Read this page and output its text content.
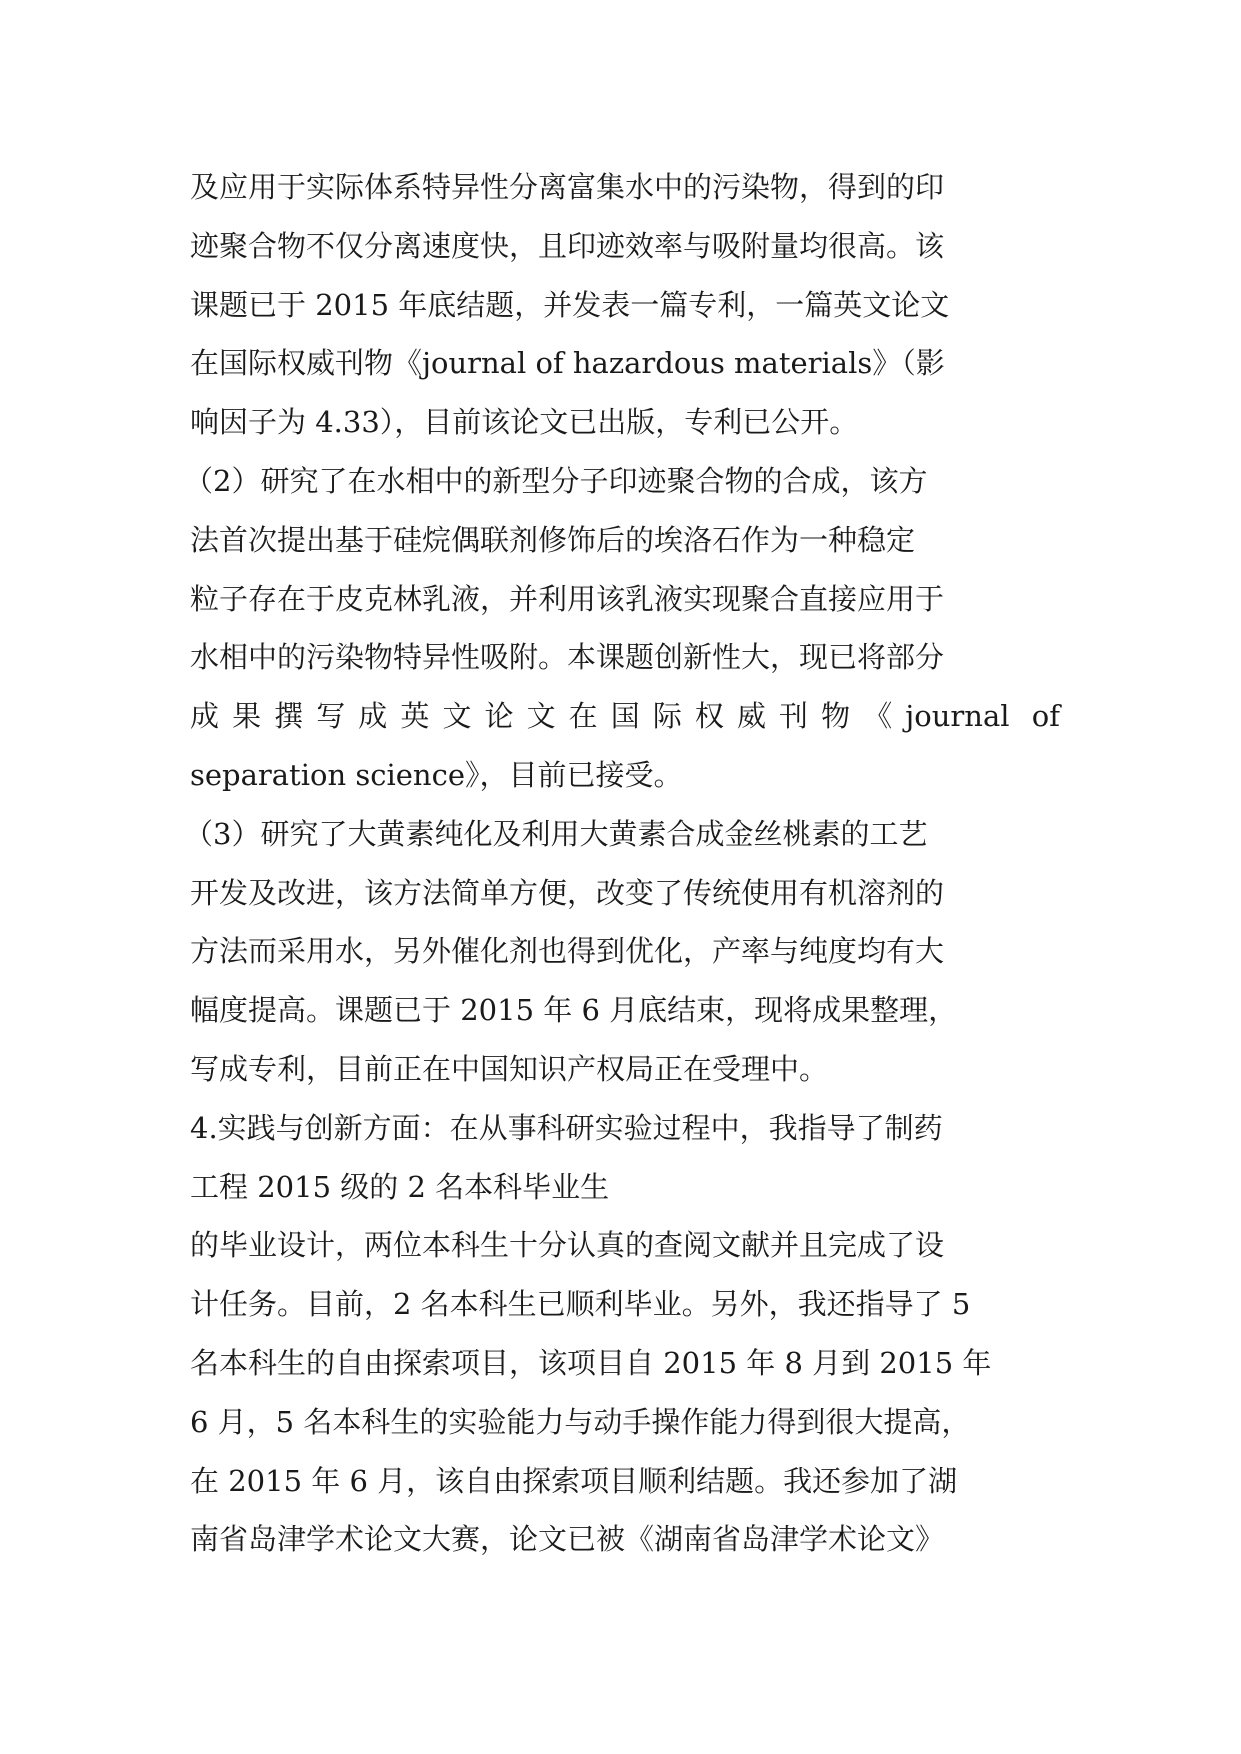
及应用于实际体系特异性分离富集水中的污染物，得到的印
迹聚合物不仅分离速度快，且印迹效率与吸附量均很高。该
课题已于 2015 年底结题，并发表一篇专利，一篇英文论文
在国际权威刊物《journal of hazardous materials》（影
响因子为 4.33），目前该论文已出版，专利已公开。
（2）研究了在水相中的新型分子印迹聚合物的合成，该方
法首次提出基于硅烷偶联剂修饰后的埃洛石作为一种稳定
粒子存在于皮克林乳液，并利用该乳液实现聚合直接应用于
水相中的污染物特异性吸附。本课题创新性大，现已将部分
成果撰写成英文论文在国际权威刊物《journal of
separation science》，目前已接受。
（3）研究了大黄素纯化及利用大黄素合成金丝桃素的工艺
开发及改进，该方法简单方便，改变了传统使用有机溶剂的
方法而采用水，另外催化剂也得到优化，产率与纯度均有大
幅度提高。课题已于 2015 年 6 月底结束，现将成果整理，
写成专利，目前正在中国知识产权局正在受理中。
4.实践与创新方面：在从事科研实验过程中，我指导了制药
工程 2015 级的 2 名本科毕业生
的毕业设计，两位本科生十分认真的查阅文献并且完成了设
计任务。目前，2 名本科生已顺利毕业。另外，我还指导了 5
名本科生的自由探索项目，该项目自 2015 年 8 月到 2015 年
6 月，5 名本科生的实验能力与动手操作能力得到很大提高，
在 2015 年 6 月，该自由探索项目顺利结题。我还参加了湖
南省岛津学术论文大赛，论文已被《湖南省岛津学术论文》
